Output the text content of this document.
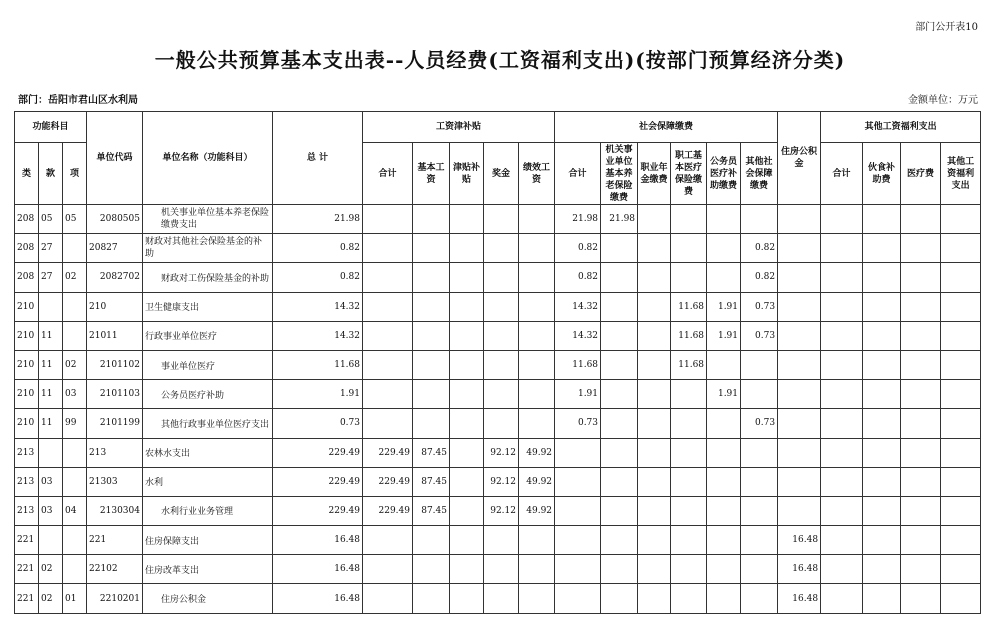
部门公开表10
一般公共预算基本支出表--人员经费(工资福利支出)(按部门预算经济分类)
部门：岳阳市君山区水利局	金额单位：万元
功能科目			单位代码	单位名称（功能科目）	总 计	工资津补贴					社会保障缴费						住房公积金	其他工资福利支出			
类	款	项				合计	基本工资	津贴补贴	奖金	绩效工资	合计	机关事业单位基本养老保险缴费	职业年金缴费	职工基本医疗保险缴费	公务员医疗补助缴费	其他社会保障缴费		合计	伙食补助费	医疗费	其他工资福利支出
208	05	05	2080505	机关事业单位基本养老保险缴费支出	21.98						21.98	21.98									
208	27		20827	财政对其他社会保险基金的补助	0.82						0.82					0.82					
208	27	02	2082702	财政对工伤保险基金的补助	0.82						0.82					0.82					
210			210	卫生健康支出	14.32						14.32			11.68	1.91	0.73					
210	11		21011	行政事业单位医疗	14.32						14.32			11.68	1.91	0.73					
210	11	02	2101102	事业单位医疗	11.68						11.68			11.68							
210	11	03	2101103	公务员医疗补助	1.91						1.91				1.91						
210	11	99	2101199	其他行政事业单位医疗支出	0.73						0.73					0.73					
213			213	农林水支出	229.49	229.49	87.45		92.12	49.92											
213	03		21303	水利	229.49	229.49	87.45		92.12	49.92											
213	03	04	2130304	水利行业业务管理	229.49	229.49	87.45		92.12	49.92											
221			221	住房保障支出	16.48												16.48				
221	02		22102	住房改革支出	16.48												16.48				
221	02	01	2210201	住房公积金	16.48												16.48				
